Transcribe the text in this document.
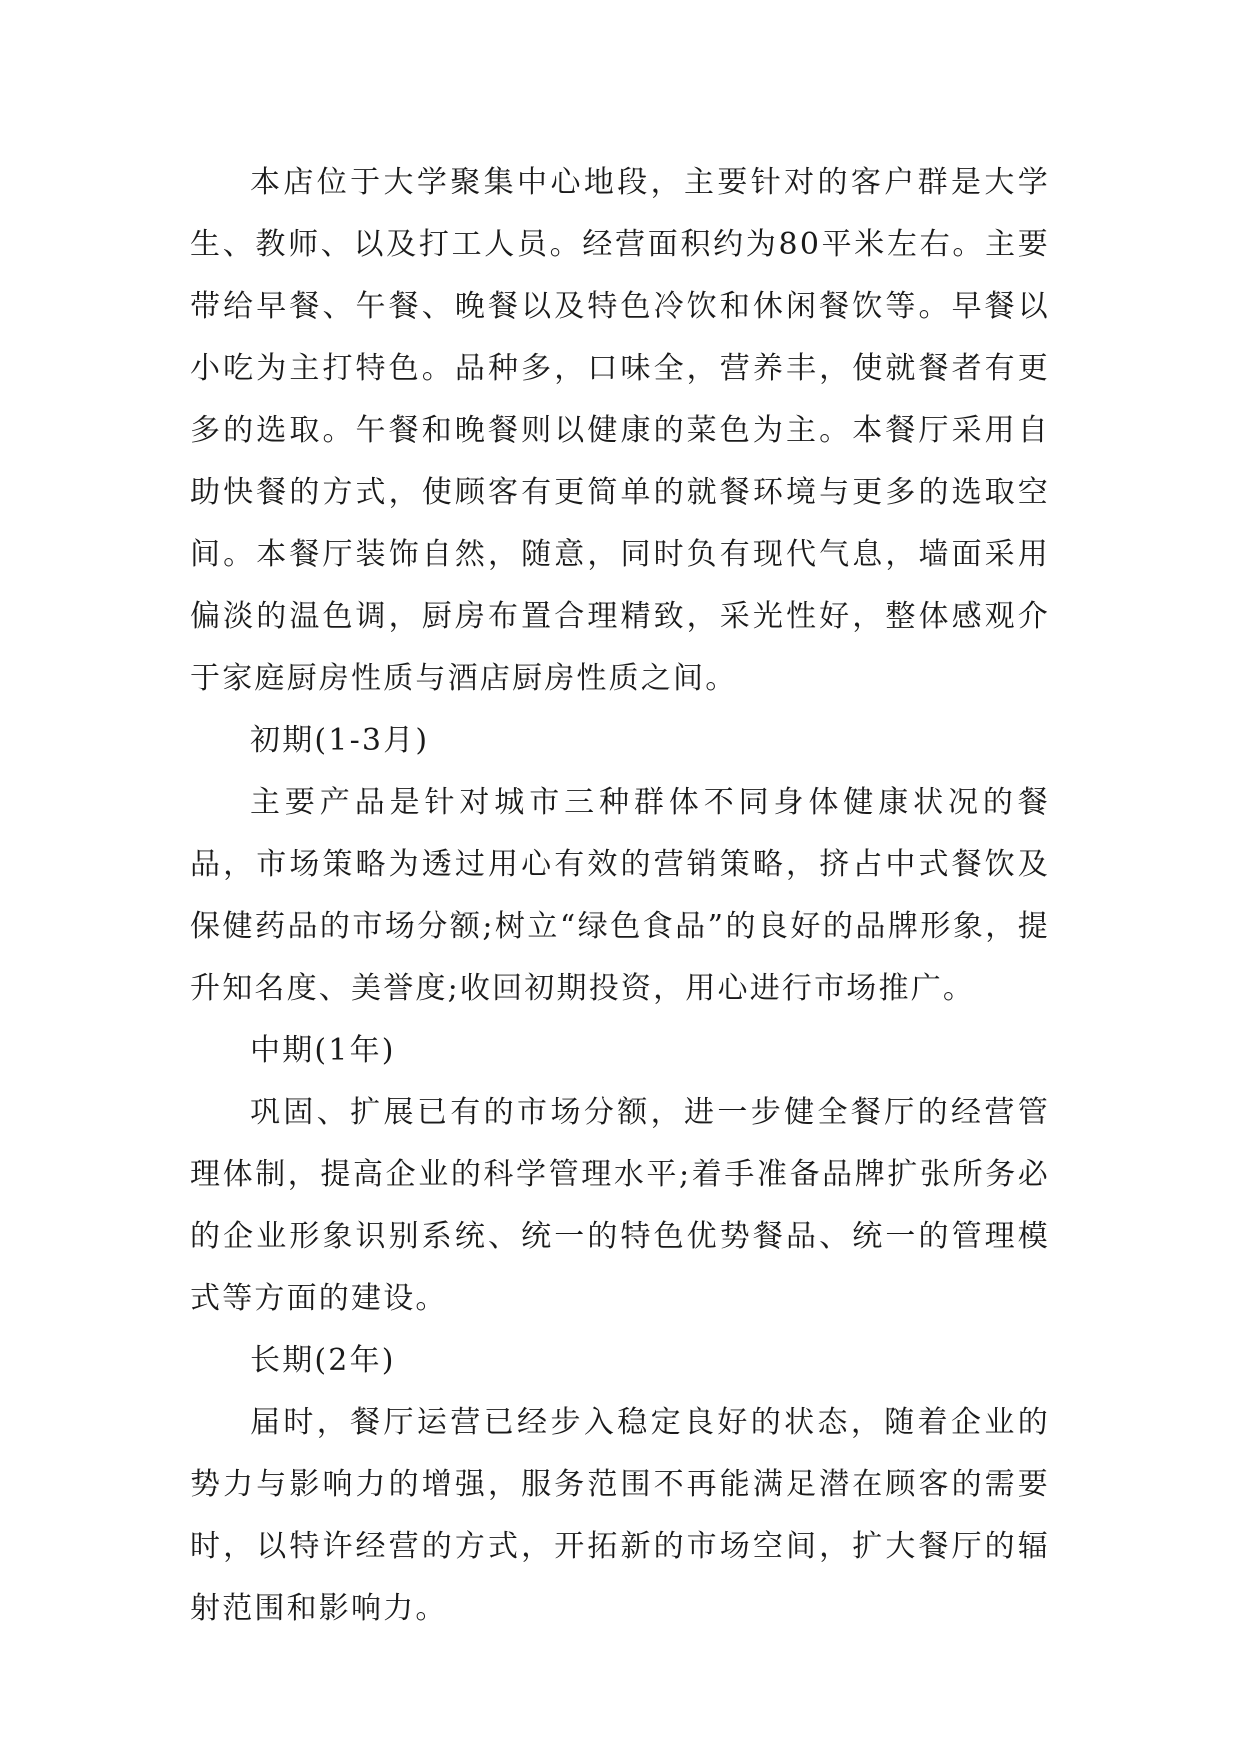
本店位于大学聚集中心地段，主要针对的客户群是大学生、教师、以及打工人员。经营面积约为80平米左右。主要带给早餐、午餐、晚餐以及特色冷饮和休闲餐饮等。早餐以小吃为主打特色。品种多，口味全，营养丰，使就餐者有更多的选取。午餐和晚餐则以健康的菜色为主。本餐厅采用自助快餐的方式，使顾客有更简单的就餐环境与更多的选取空间。本餐厅装饰自然，随意，同时负有现代气息，墙面采用偏淡的温色调，厨房布置合理精致，采光性好，整体感观介于家庭厨房性质与酒店厨房性质之间。

初期(1-3月)

主要产品是针对城市三种群体不同身体健康状况的餐品，市场策略为透过用心有效的营销策略，挤占中式餐饮及保健药品的市场分额;树立“绿色食品”的良好的品牌形象，提升知名度、美誉度;收回初期投资，用心进行市场推广。

中期(1年)

巩固、扩展已有的市场分额，进一步健全餐厅的经营管理体制，提高企业的科学管理水平;着手准备品牌扩张所务必的企业形象识别系统、统一的特色优势餐品、统一的管理模式等方面的建设。

长期(2年)

届时，餐厅运营已经步入稳定良好的状态，随着企业的势力与影响力的增强，服务范围不再能满足潜在顾客的需要时，以特许经营的方式，开拓新的市场空间，扩大餐厅的辐射范围和影响力。
